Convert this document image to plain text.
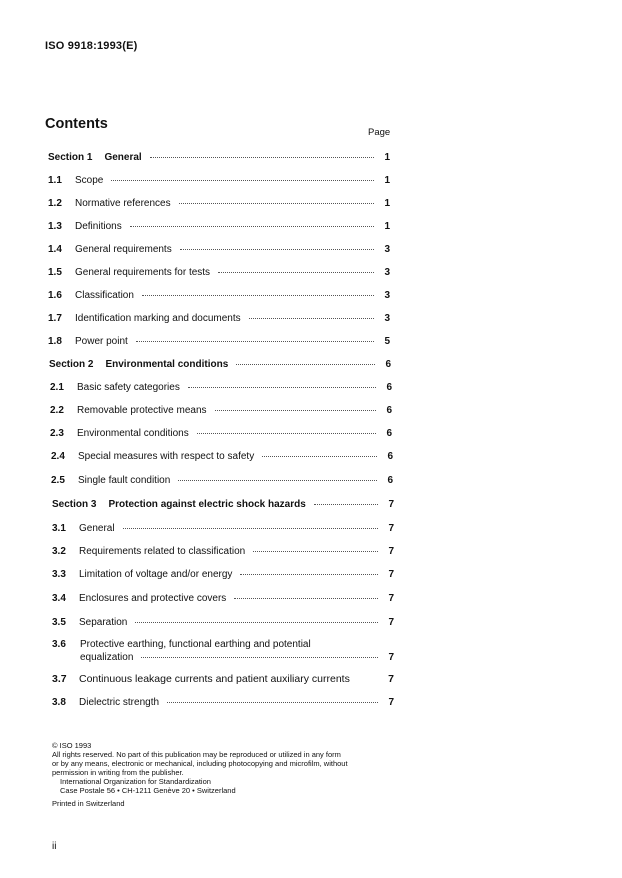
ISO 9918:1993(E)
Contents
Page
Section 1 General	1
1.1	Scope	1
1.2	Normative references	1
1.3	Definitions	1
1.4	General requirements	3
1.5	General requirements for tests	3
1.6	Classification	3
1.7	Identification marking and documents	3
1.8	Power point	5
Section 2 Environmental conditions	6
2.1	Basic safety categories	6
2.2	Removable protective means	6
2.3	Environmental conditions	6
2.4	Special measures with respect to safety	6
2.5	Single fault condition	6
Section 3 Protection against electric shock hazards	7
3.1	General	7
3.2	Requirements related to classification	7
3.3	Limitation of voltage and/or energy	7
3.4	Enclosures and protective covers	7
3.5	Separation	7
3.6 Protective earthing, functional earthing and potential
equalization	7
3.7	Continuous leakage currents and patient auxiliary currents	7
3.8	Dielectric strength	7

© ISO 1993

All rights reserved. No part of this publication may be reproduced or utilized in any form

or by any means, electronic or mechanical, including photocopying and microfilm, without

permission in writing from the publisher.

International Organization for Standardization

Case Postale 56 • CH-1211 Genève 20 • Switzerland

Printed in Switzerland

ii
